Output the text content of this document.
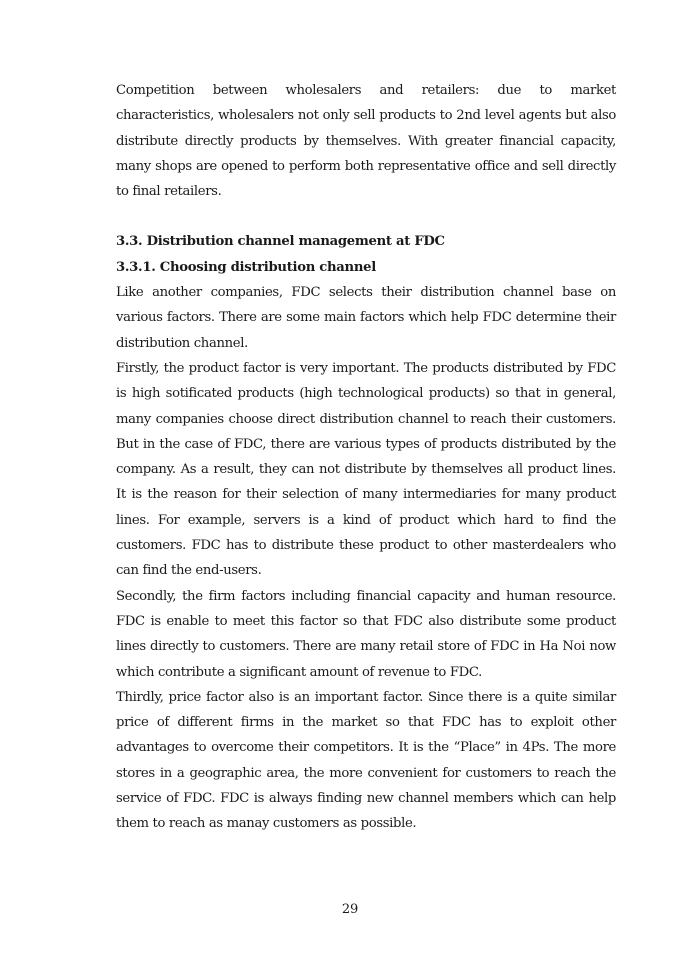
Competition between wholesalers and retailers: due to market characteristics, wholesalers not only sell products to 2nd level agents but also distribute directly products by themselves. With greater financial capacity, many shops are opened to perform both representative office and sell directly to final retailers.

3.3. Distribution channel management at FDC
3.3.1. Choosing distribution channel

Like another companies, FDC selects their distribution channel base on various factors. There are some main factors which help FDC determine their distribution channel.

Firstly, the product factor is very important. The products distributed by FDC is high sotificated products (high technological products) so that in general, many companies choose direct distribution channel to reach their customers. But in the case of FDC, there are various types of products distributed by the company. As a result, they can not distribute by themselves all product lines. It is the reason for their selection of many intermediaries for many product lines. For example, servers is a kind of product which hard to find the customers. FDC has to distribute these product to other masterdealers who can find the end-users.

Secondly, the firm factors including financial capacity and human resource. FDC is enable to meet this factor so that FDC also distribute some product lines directly to customers. There are many retail store of FDC in Ha Noi now which contribute a significant amount of revenue to FDC.

Thirdly, price factor also is an important factor. Since there is a quite similar price of different firms in the market so that FDC has to exploit other advantages to overcome their competitors. It is the “Place” in 4Ps. The more stores in a geographic area, the more convenient for customers to reach the service of FDC. FDC is always finding new channel members which can help them to reach as manay customers as possible.

29
